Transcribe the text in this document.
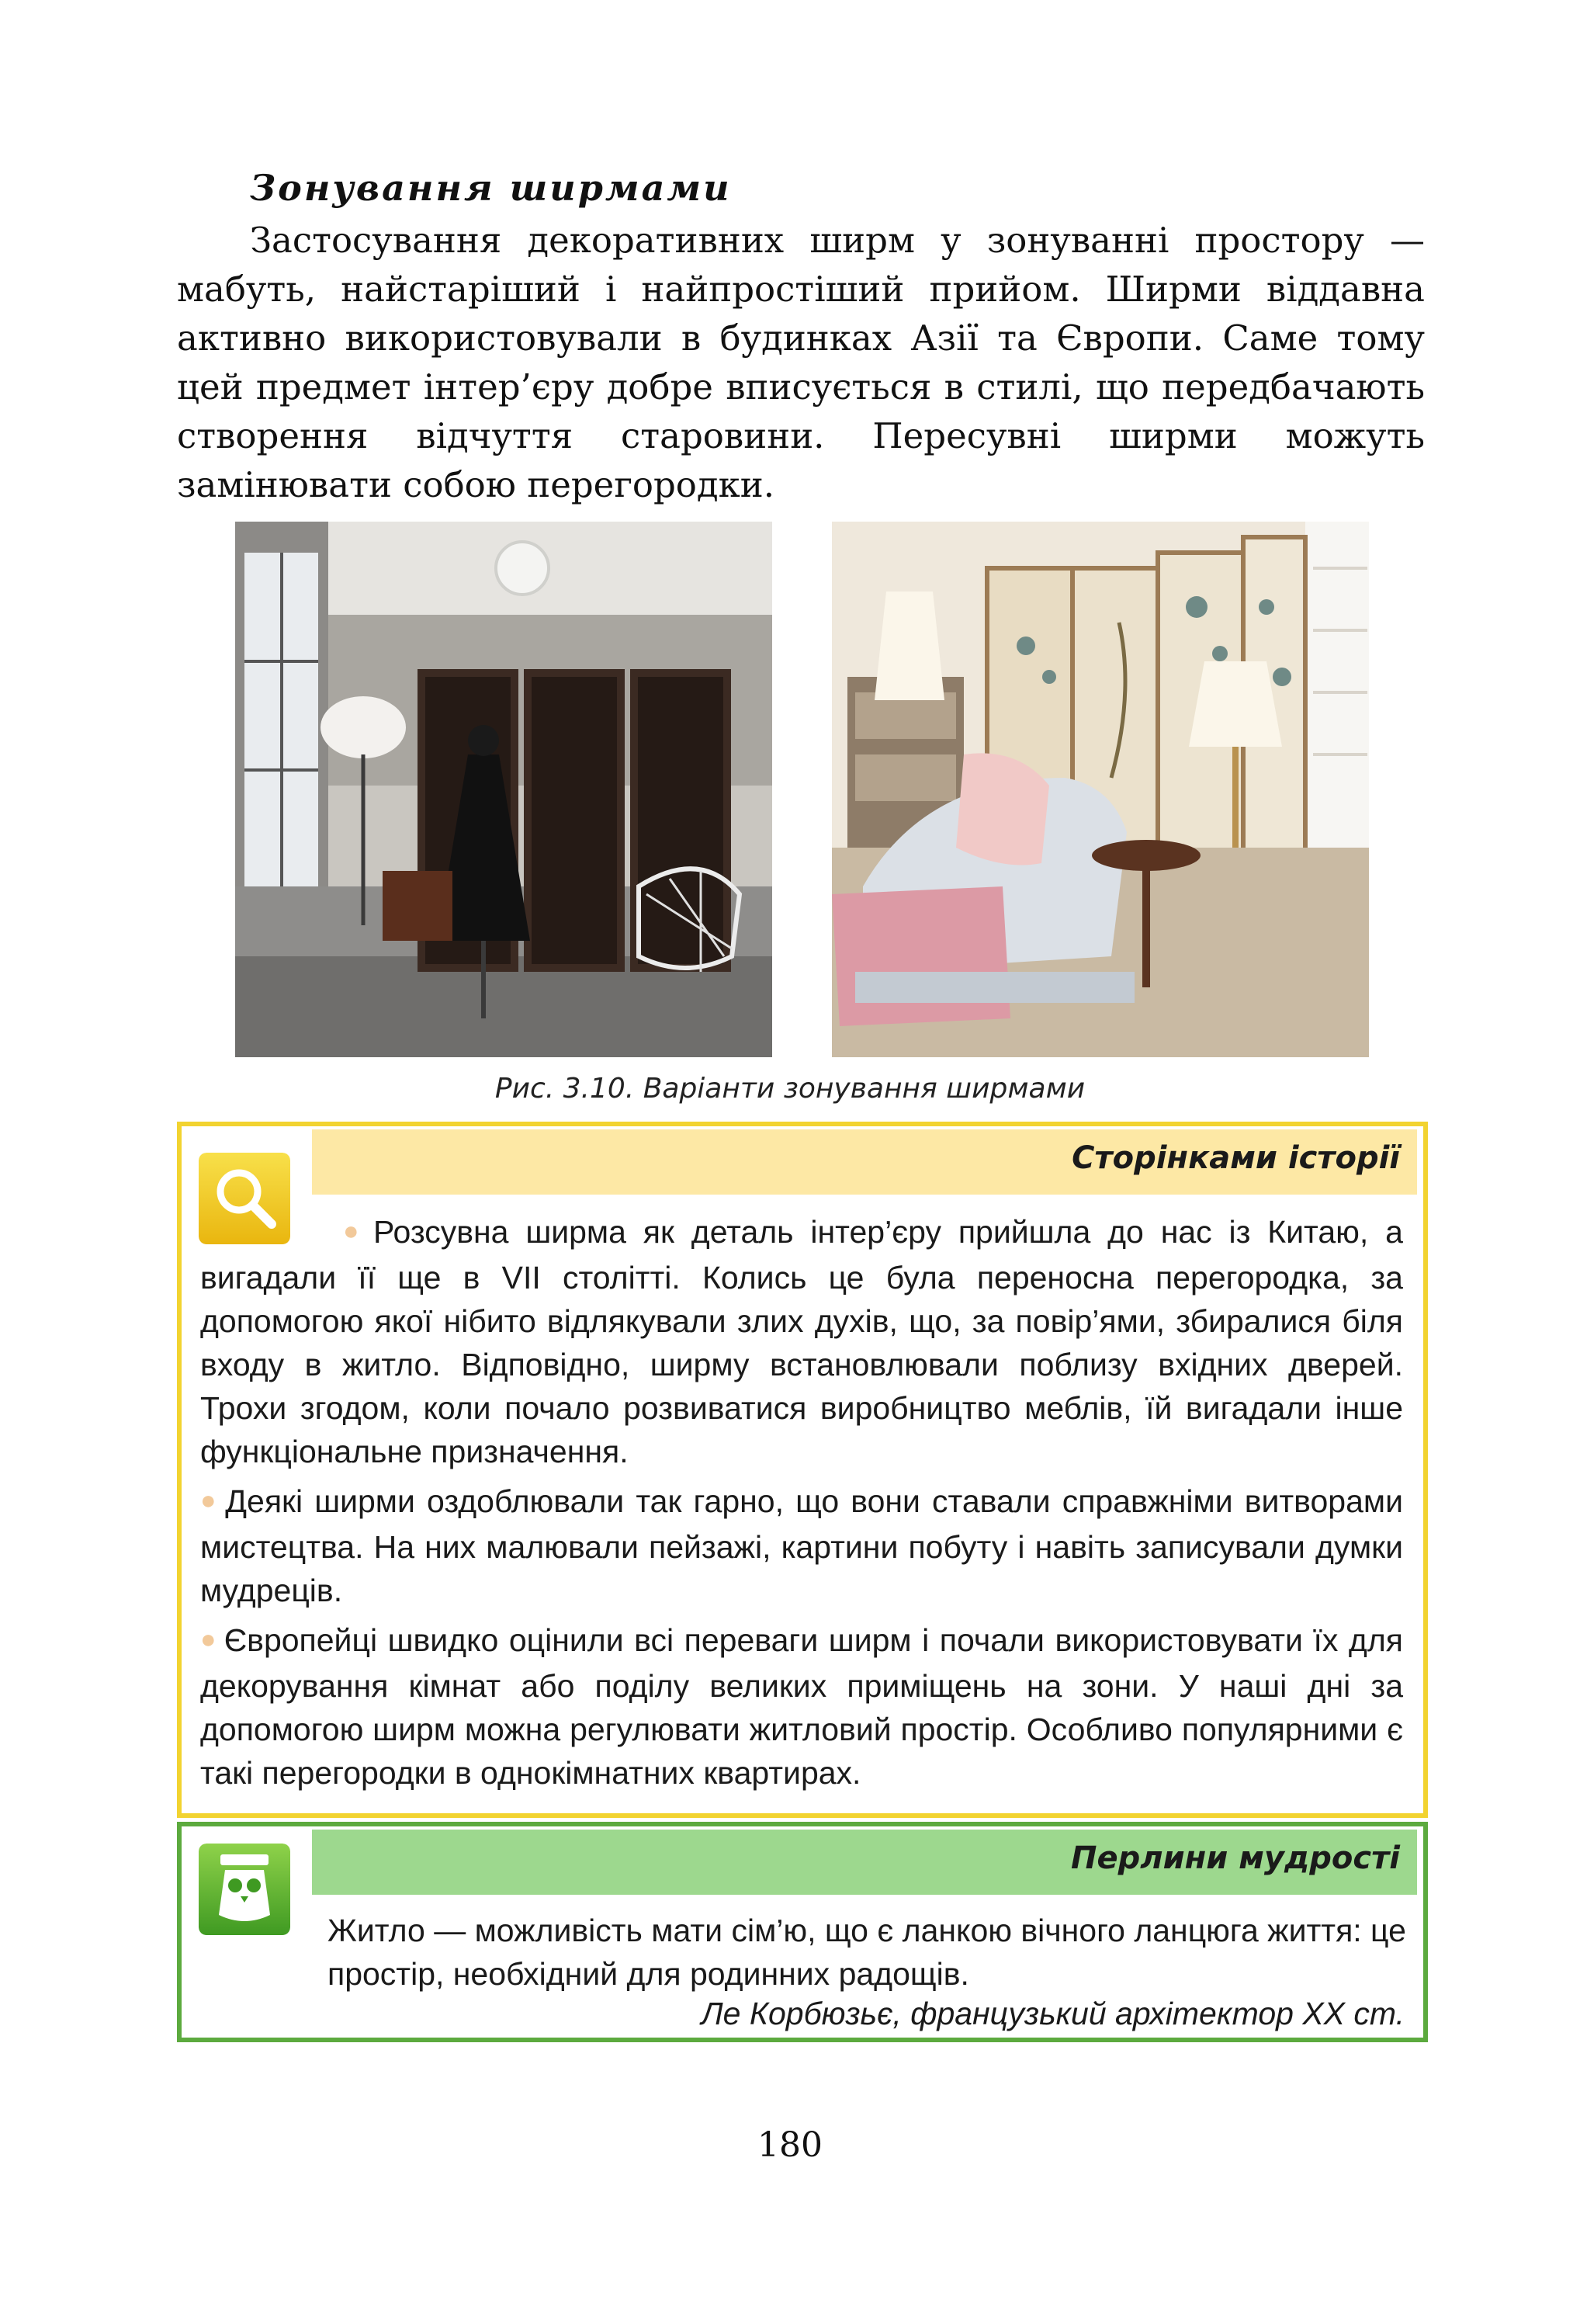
Зонування ширмами
Застосування декоративних ширм у зонуванні простору — мабуть, найстаріший і найпростіший прийом. Ширми віддавна активно використовували в будинках Азії та Європи. Саме тому цей предмет інтер’єру добре вписується в стилі, що передбачають створення відчуття старовини. Пересувні ширми можуть замінювати собою перегородки.
Рис. 3.10. Варіанти зонування ширмами
Сторінками історії

● Розсувна ширма як деталь інтер’єру прийшла до нас із Китаю, а вигадали її ще в VII столітті. Колись це була переносна перегородка, за допомогою якої нібито відлякували злих духів, що, за повір’ями, збиралися біля входу в житло. Відповідно, ширму встановлювали поблизу вхідних дверей. Трохи згодом, коли почало розвиватися виробництво меблів, їй вигадали інше функціональне призначення.

● Деякі ширми оздоблювали так гарно, що вони ставали справжніми витворами мистецтва. На них малювали пейзажі, картини побуту і навіть записували думки мудреців.

● Європейці швидко оцінили всі переваги ширм і почали використовувати їх для декорування кімнат або поділу великих приміщень на зони. У наші дні за допомогою ширм можна регулювати житловий простір. Особливо популярними є такі перегородки в однокімнатних квартирах.

Перлини мудрості
Житло — можливість мати сім’ю, що є ланкою вічного ланцюга життя: це простір, необхідний для родинних радощів.
Ле Корбюзьє, французький архітектор XX ст.
180
